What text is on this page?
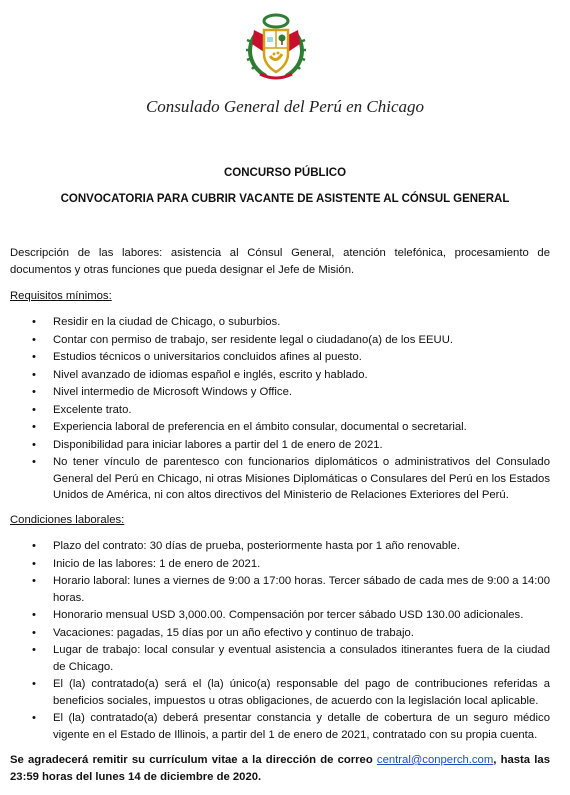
Consulado General del Perú en Chicago
CONCURSO PÚBLICO
CONVOCATORIA PARA CUBRIR VACANTE DE ASISTENTE AL CÓNSUL GENERAL
Descripción de las labores: asistencia al Cónsul General, atención telefónica, procesamiento de documentos y otras funciones que pueda designar el Jefe de Misión.
Requisitos mínimos:
• Residir en la ciudad de Chicago, o suburbios.
• Contar con permiso de trabajo, ser residente legal o ciudadano(a) de los EEUU.
• Estudios técnicos o universitarios concluidos afines al puesto.
• Nivel avanzado de idiomas español e inglés, escrito y hablado.
• Nivel intermedio de Microsoft Windows y Office.
• Excelente trato.
• Experiencia laboral de preferencia en el ámbito consular, documental o secretarial.
• Disponibilidad para iniciar labores a partir del 1 de enero de 2021.
• No tener vínculo de parentesco con funcionarios diplomáticos o administrativos del Consulado General del Perú en Chicago, ni otras Misiones Diplomáticas o Consulares del Perú en los Estados Unidos de América, ni con altos directivos del Ministerio de Relaciones Exteriores del Perú.
Condiciones laborales:
• Plazo del contrato: 30 días de prueba, posteriormente hasta por 1 año renovable.
• Inicio de las labores: 1 de enero de 2021.
• Horario laboral: lunes a viernes de 9:00 a 17:00 horas. Tercer sábado de cada mes de 9:00 a 14:00 horas.
• Honorario mensual USD 3,000.00. Compensación por tercer sábado USD 130.00 adicionales.
• Vacaciones: pagadas, 15 días por un año efectivo y continuo de trabajo.
• Lugar de trabajo: local consular y eventual asistencia a consulados itinerantes fuera de la ciudad de Chicago.
• El (la) contratado(a) será el (la) único(a) responsable del pago de contribuciones referidas a beneficios sociales, impuestos u otras obligaciones, de acuerdo con la legislación local aplicable.
• El (la) contratado(a) deberá presentar constancia y detalle de cobertura de un seguro médico vigente en el Estado de Illinois, a partir del 1 de enero de 2021, contratado con su propia cuenta.
Se agradecerá remitir su currículum vitae a la dirección de correo central@conperch.com, hasta las 23:59 horas del lunes 14 de diciembre de 2020.
